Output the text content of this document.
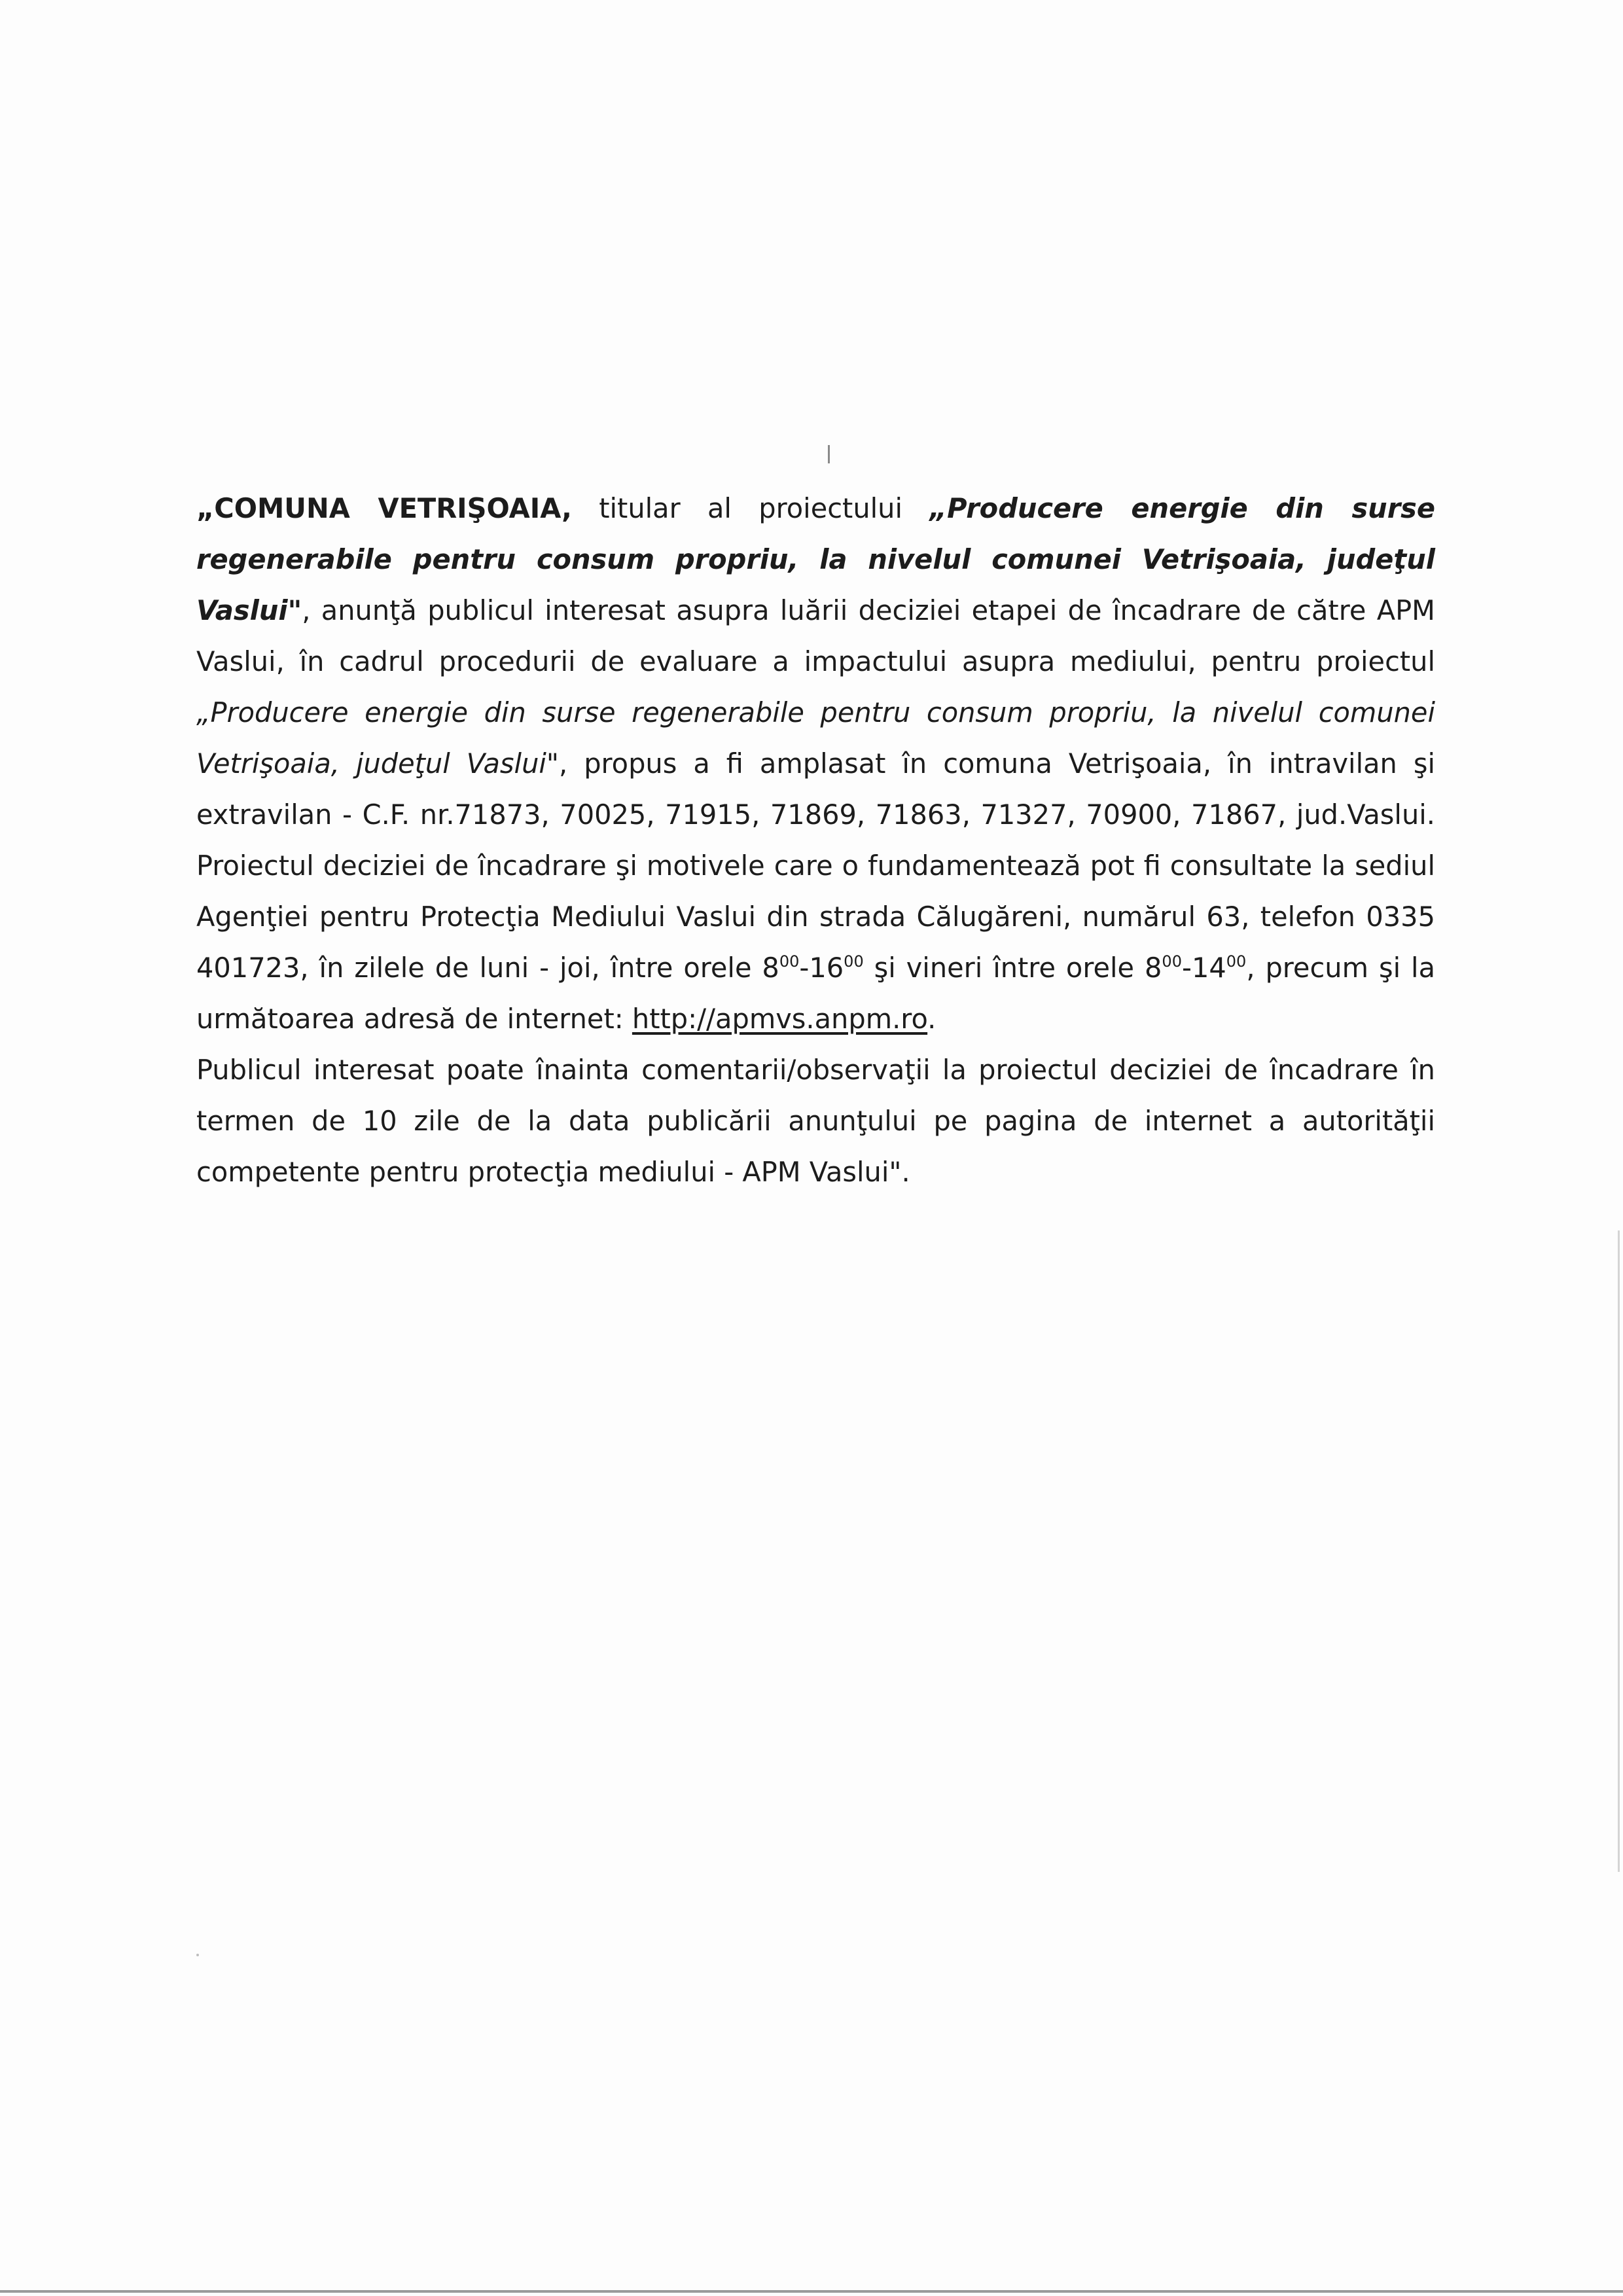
„COMUNA VETRIŞOAIA, titular al proiectului „Producere energie din surse regenerabile pentru consum propriu, la nivelul comunei Vetrişoaia, judeţul Vaslui", anunţă publicul interesat asupra luării deciziei etapei de încadrare de către APM Vaslui, în cadrul procedurii de evaluare a impactului asupra mediului, pentru proiectul „Producere energie din surse regenerabile pentru consum propriu, la nivelul comunei Vetrişoaia, judeţul Vaslui", propus a fi amplasat în comuna Vetrişoaia, în intravilan şi extravilan - C.F. nr.71873, 70025, 71915, 71869, 71863, 71327, 70900, 71867, jud.Vaslui. Proiectul deciziei de încadrare şi motivele care o fundamentează pot fi consultate la sediul Agenţiei pentru Protecţia Mediului Vaslui din strada Călugăreni, numărul 63, telefon 0335 401723, în zilele de luni - joi, între orele $8^{00}-16^{00}$ şi vineri între orele $8^{00}-14^{00}$, precum şi la următoarea adresă de internet: http://apmvs.anpm.ro.

Publicul interesat poate înainta comentarii/observaţii la proiectul deciziei de încadrare în termen de 10 zile de la data publicării anunţului pe pagina de internet a autorităţii competente pentru protecţia mediului - APM Vaslui".
